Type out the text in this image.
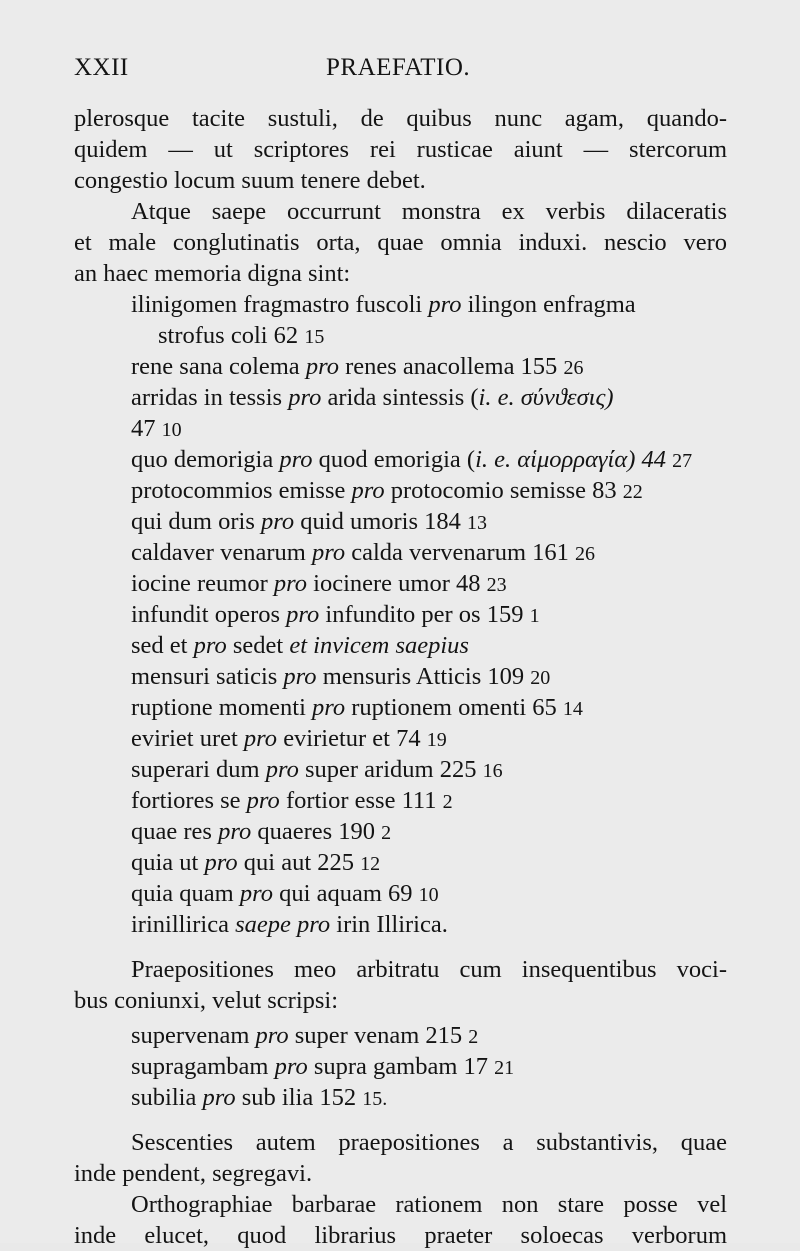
XXII	PRAEFATIO.
plerosque tacite sustuli, de quibus nunc agam, quando-
quidem — ut scriptores rei rusticae aiunt — stercorum
congestio locum suum tenere debet.
Atque saepe occurrunt monstra ex verbis dilaceratis
et male conglutinatis orta, quae omnia induxi. nescio vero
an haec memoria digna sint:
ilinigomen fragmastro fuscoli pro ilingon enfragma
strofus coli 62 15
rene sana colema pro renes anacollema 155 26
arridas in tessis pro arida sintessis (i. e. σύνϑεσις)
47 10
quo demorigia pro quod emorigia (i. e. αἱμορραγία) 44 27
protocommios emisse pro protocomio semisse 83 22
qui dum oris pro quid umoris 184 13
caldaver venarum pro calda vervenarum 161 26
iocine reumor pro iocinere umor 48 23
infundit operos pro infundito per os 159 1
sed et pro sedet et invicem saepius
mensuri saticis pro mensuris Atticis 109 20
ruptione momenti pro ruptionem omenti 65 14
eviriet uret pro evirietur et 74 19
superari dum pro super aridum 225 16
fortiores se pro fortior esse 111 2
quae res pro quaeres 190 2
quia ut pro qui aut 225 12
quia quam pro qui aquam 69 10
irinillirica saepe pro irin Illirica.
Praepositiones meo arbitratu cum insequentibus voci-
bus coniunxi, velut scripsi:
supervenam pro super venam 215 2
supragambam pro supra gambam 17 21
subilia pro sub ilia 152 15.
Sescenties autem praepositiones a substantivis, quae
inde pendent, segregavi.
Orthographiae barbarae rationem non stare posse vel
inde elucet, quod librarius praeter soloecas verborum
